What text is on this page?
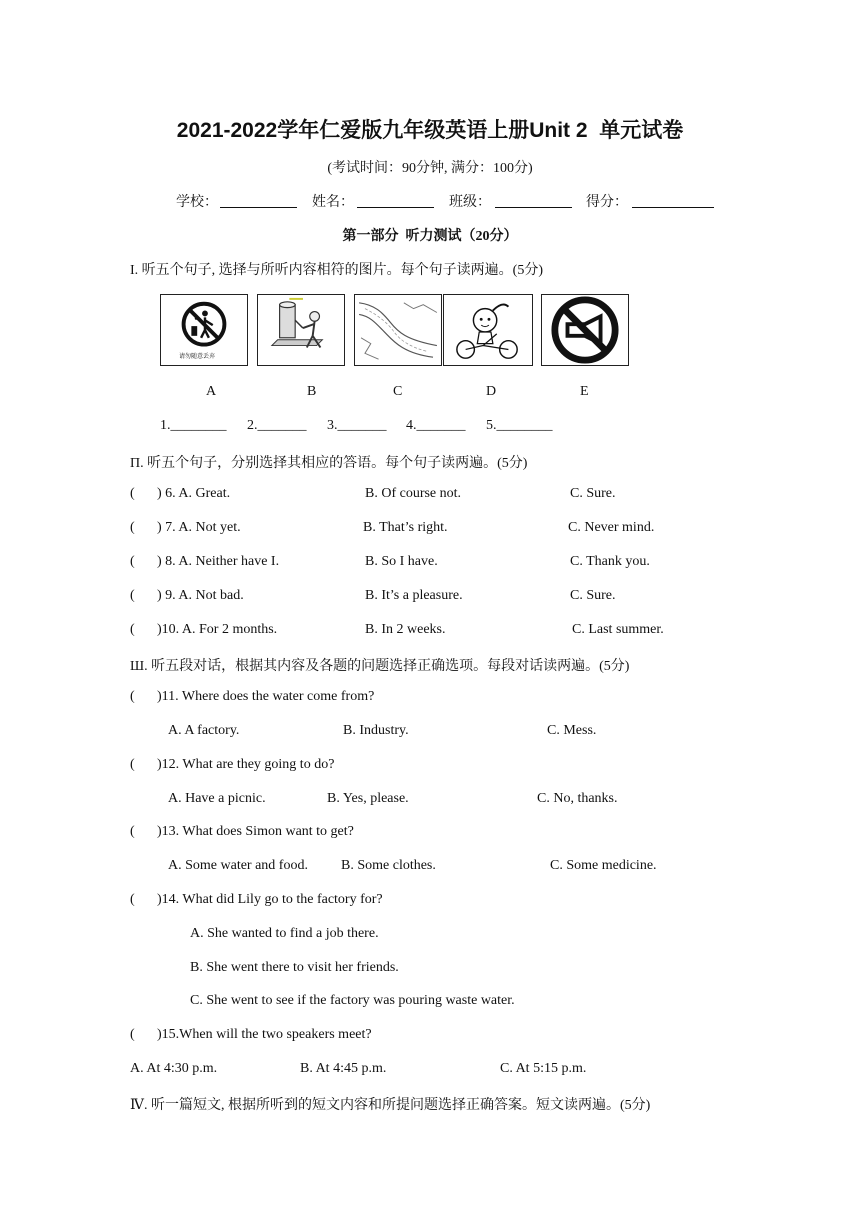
2021-2022学年仁爱版九年级英语上册Unit 2  单元试卷
(考试时间：90分钟, 满分：100分)
学校：	姓名：	班级：	得分：
第一部分  听力测试（20分）
I. 听五个句子, 选择与所听内容相符的图片。每个句子读两遍。(5分)
请勿随意丢弃
A	B	C	D	E
1.________ 2._______ 3._______ 4._______ 5.________
Π. 听五个句子，分别选择其相应的答语。每个句子读两遍。(5分)
( ) 6. A. Great.	B. Of course not.	C. Sure.
( ) 7. A. Not yet.	B. That’s right.	C. Never mind.
( ) 8. A. Neither have I.	B. So I have.	C. Thank you.
( ) 9. A. Not bad.	B. It’s a pleasure.	C. Sure.
( )10. A. For 2 months.	B. In 2 weeks.	C. Last summer.
Ш. 听五段对话，根据其内容及各题的问题选择正确选项。每段对话读两遍。(5分)
( )11. Where does the water come from?
A. A factory.	B. Industry.	C. Mess.
( )12. What are they going to do?
A. Have a picnic.	B. Yes, please.	C. No, thanks.
( )13. What does Simon want to get?
A. Some water and food. B. Some clothes.	C. Some medicine.
( )14. What did Lily go to the factory for?
A. She wanted to find a job there.
B. She went there to visit her friends.
C. She went to see if the factory was pouring waste water.
( )15.When will the two speakers meet?
A. At 4:30 p.m.	B. At 4:45 p.m.	C. At 5:15 p.m.
Ⅳ. 听一篇短文, 根据所听到的短文内容和所提问题选择正确答案。短文读两遍。(5分)
